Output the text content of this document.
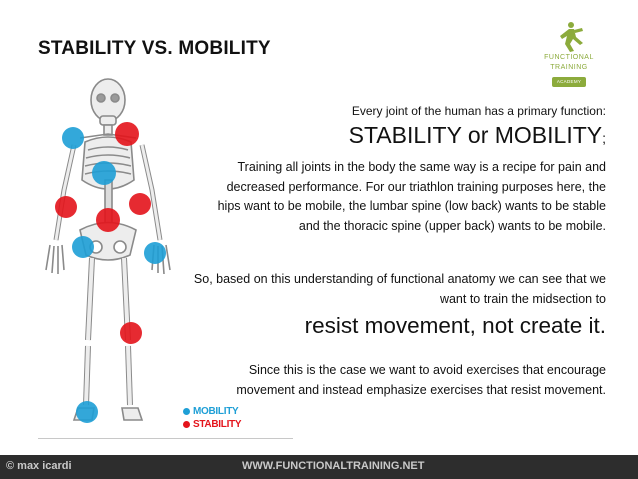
STABILITY VS. MOBILITY	FUNCTIONAL
TRAINING
ACADEMY
Every joint of the human has a primary function:
STABILITY or MOBILITY;
Training all joints in the body the same way is a recipe for pain and decreased performance. For our triathlon training purposes here, the hips want to be mobile, the lumbar spine (low back) wants to be stable and the thoracic spine (upper back) wants to be mobile.
So, based on this understanding of functional anatomy we can see that we want to train the midsection to
resist movement, not create it.
Since this is the case we want to avoid exercises that encourage movement and instead emphasize exercises that resist movement.
MOBILITY
STABILITY
© max icardi	WWW.FUNCTIONALTRAINING.NET
